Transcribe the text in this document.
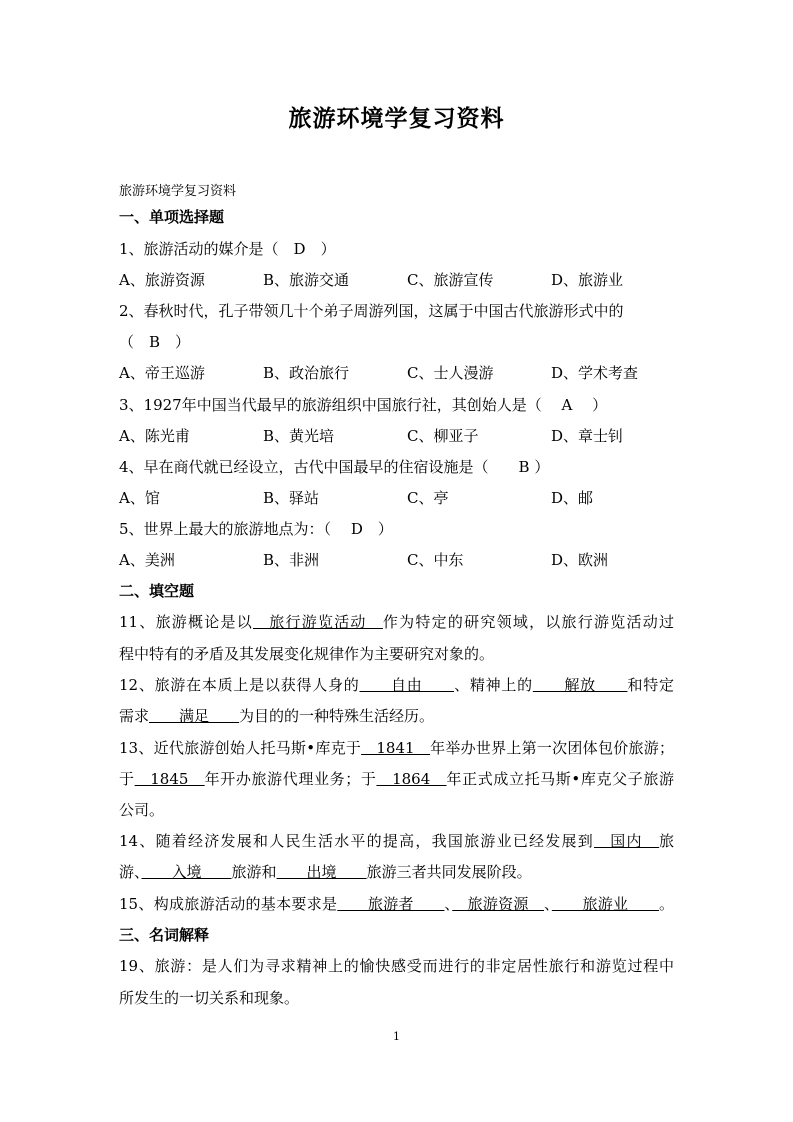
旅游环境学复习资料
旅游环境学复习资料
一、单项选择题
1、旅游活动的媒介是（　D　）
A、旅游资源	B、旅游交通	C、旅游宣传	D、旅游业
2、春秋时代，孔子带领几十个弟子周游列国，这属于中国古代旅游形式中的
（　B　）
A、帝王巡游	B、政治旅行	C、士人漫游	D、学术考查
3、1927年中国当代最早的旅游组织中国旅行社，其创始人是（　 A　 ）
A、陈光甫	B、黄光培	C、柳亚子	D、章士钊
4、早在商代就已经设立，古代中国最早的住宿设施是（　　B ）
A、馆	B、驿站	C、亭	D、邮
5、世界上最大的旅游地点为：（　 D　）
A、美洲	B、非洲	C、中东	D、欧洲
二、填空题
11、旅游概论是以　旅行游览活动　作为特定的研究领域，以旅行游览活动过
程中特有的矛盾及其发展变化规律作为主要研究对象的。
12、旅游在本质上是以获得人身的　　自由　　、精神上的　　解放　　和特定
需求　　满足　　为目的的一种特殊生活经历。
13、近代旅游创始人托马斯•库克于　1841　年举办世界上第一次团体包价旅游；
于　1845　年开办旅游代理业务；于　1864　年正式成立托马斯•库克父子旅游
公司。
14、随着经济发展和人民生活水平的提高，我国旅游业已经发展到　国内　旅
游、　　入境　　旅游和　　出境　　旅游三者共同发展阶段。
15、构成旅游活动的基本要求是　　旅游者　　、　旅游资源　、　　旅游业　　。
三、名词解释
19、旅游：是人们为寻求精神上的愉快感受而进行的非定居性旅行和游览过程中
所发生的一切关系和现象。
1
